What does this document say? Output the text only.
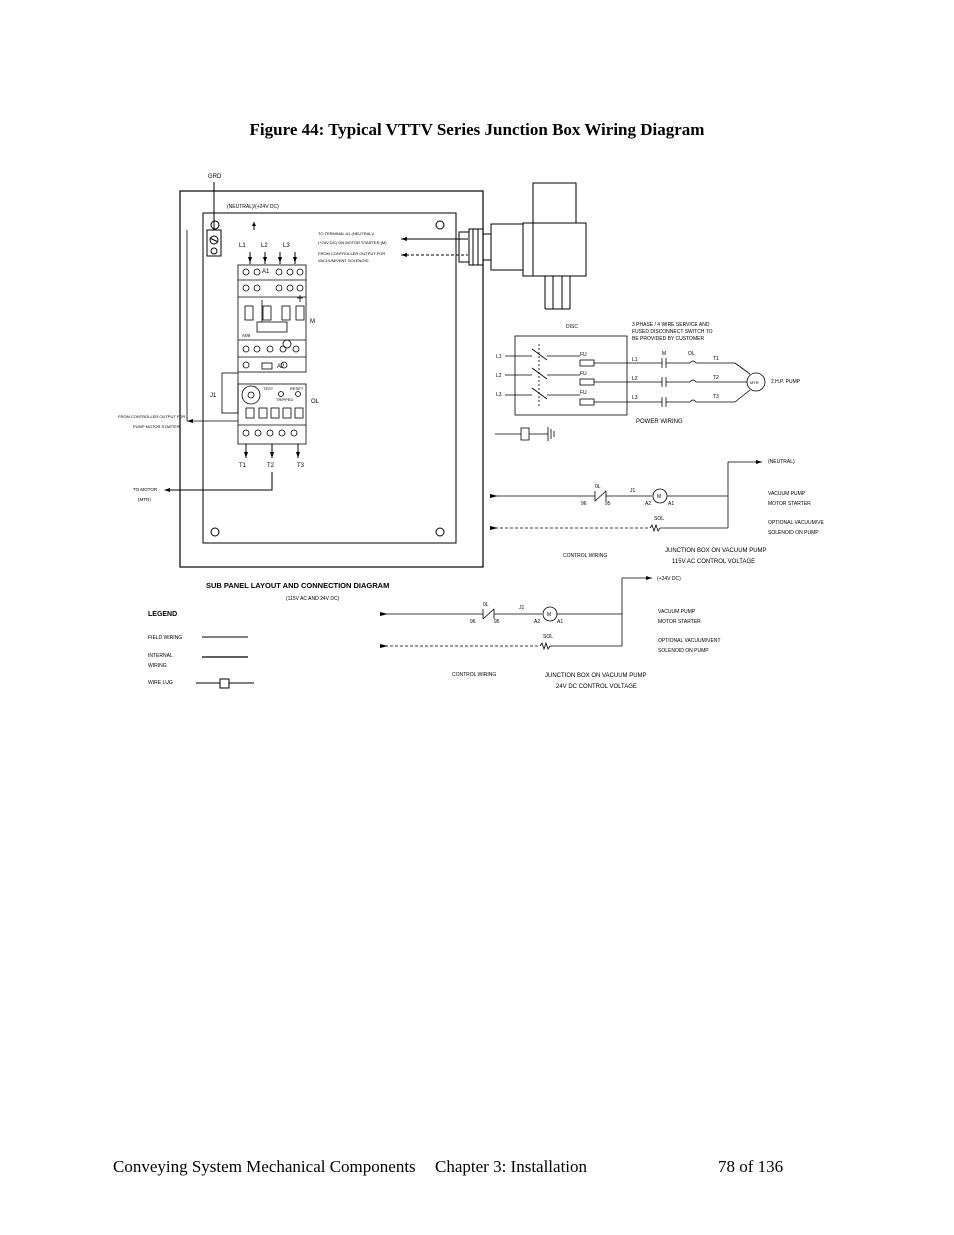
Figure 44: Typical VTTV Series Junction Box Wiring Diagram
GRD
(NEUTRAL)/(+24V DC)
L1	L2	L3
A1
A2
A09
M
TEST	RESET
TRIPPED
J1
OL
T1	T2	T3
TO MOTOR
(MTR)
FROM CONTROLLER OUTPUT FOR
PUMP MOTOR STARTER
TO TERMINAL A1 (NEUTRAL)/
(+24V DC) ON MOTOR STARTER (M)
FROM CONTROLLER OUTPUT FOR
VACUUM/VENT SOLENOID
DISC	3 PHASE / 4 WIRE SERVICE AND
FUSED DISCONNECT SWITCH TO
BE PROVIDED BY CUSTOMER
L1
L2
L3
FU
FU
FU
L1
L2
L3
M	OL
T1
T2
T3
MTR 2 H.P. PUMP
POWER WIRING
(NEUTRAL)
0L
96	95
J1
M
A2	A1
VACUUM PUMP
MOTOR STARTER
SOL
OPTIONAL VACUUM/VE
SOLENOID ON PUMP
CONTROL WIRING
JUNCTION BOX ON VACUUM PUMP
115V AC CONTROL VOLTAGE
(+24V DC)
0L
96	95
J1
M
A2	A1
VACUUM PUMP
MOTOR STARTER
SOL
OPTIONAL VACUUM/VENT
SOLENOID ON PUMP
CONTROL WIRING	JUNCTION BOX ON VACUUM PUMP
24V DC CONTROL VOLTAGE
SUB PANEL LAYOUT AND CONNECTION DIAGRAM
(115V AC AND 24V DC)
LEGEND
FIELD WIRING
INTERNAL
WIRING
WIRE LUG
Conveying System Mechanical Components Chapter 3: Installation	78 of 136
